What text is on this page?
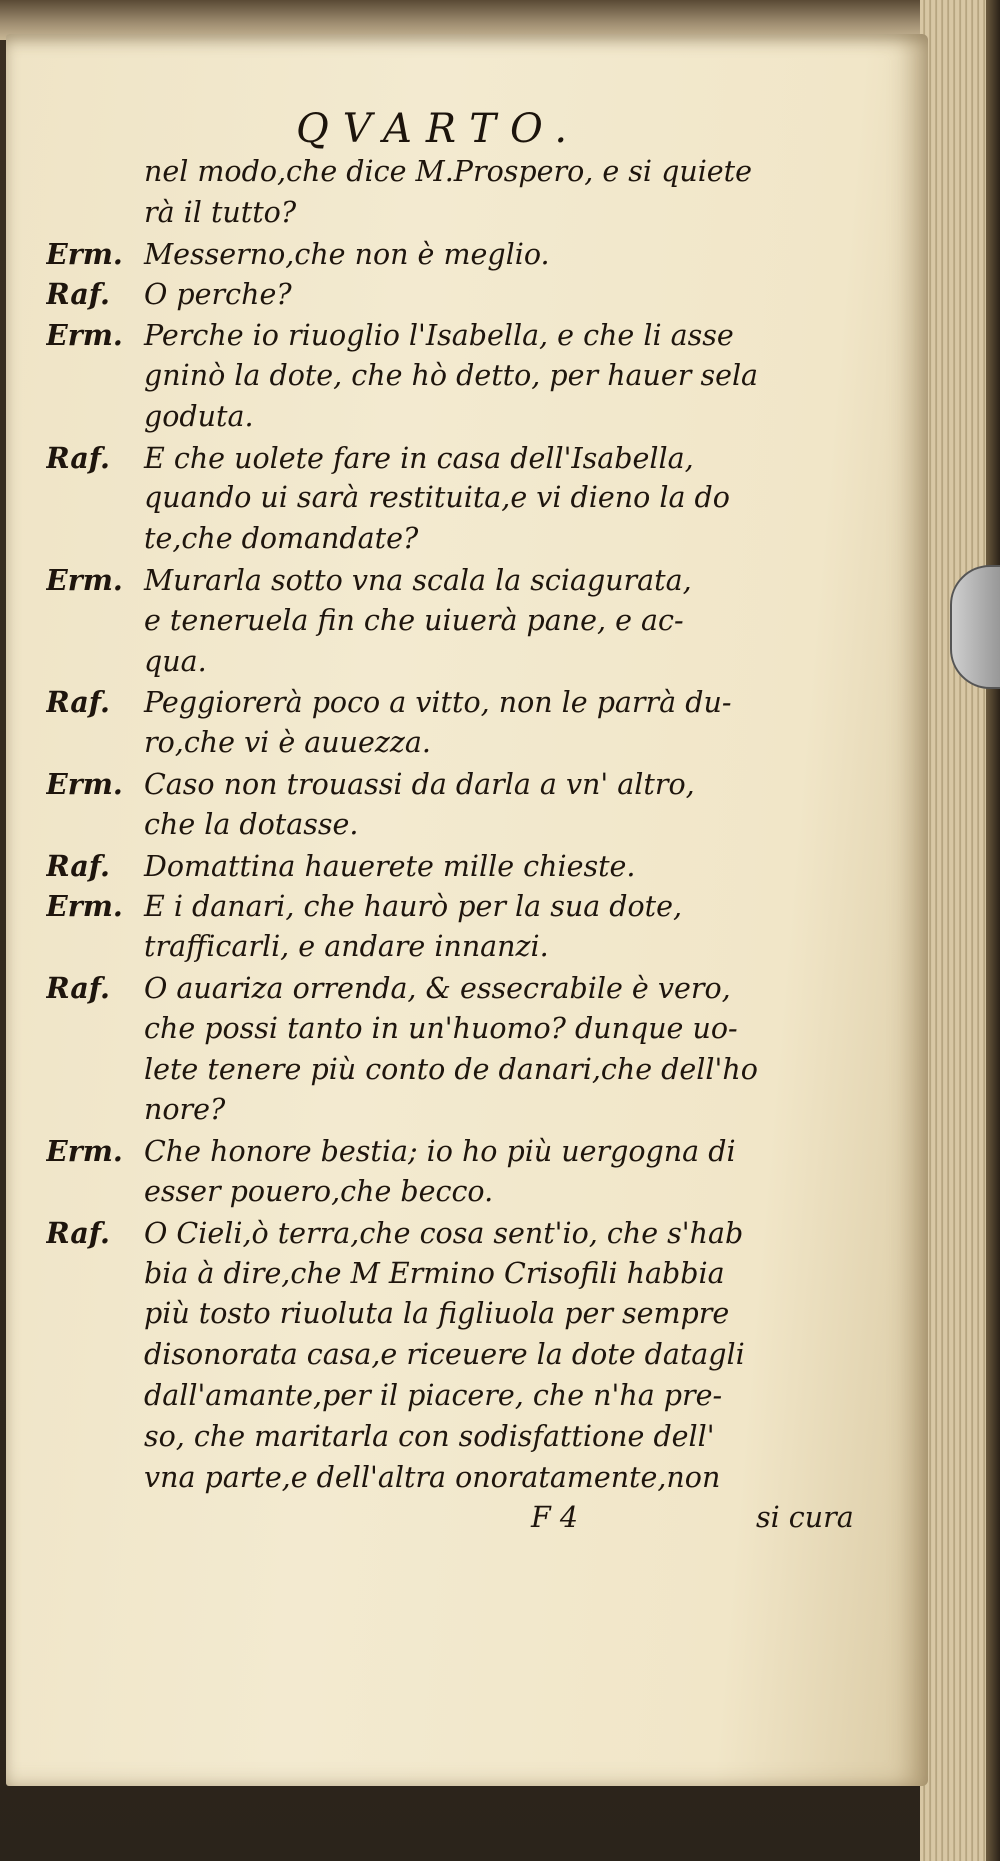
QVARTO.
nel modo,che dice M.Prospero, e si quiete
rà il tutto?
Erm. Messerno,che non è meglio.
Raf. O perche?
Erm. Perche io riuoglio l'Isabella, e che li asse
gninò la dote, che hò detto, per hauer sela
goduta.
Raf. E che uolete fare in casa dell'Isabella,
quando ui sarà restituita,e vi dieno la do
te,che domandate?
Erm. Murarla sotto vna scala la sciagurata,
e teneruela fin che uiuerà pane, e ac-
qua.
Raf. Peggiorerà poco a vitto, non le parrà du-
ro,che vi è auuezza.
Erm. Caso non trouassi da darla a vn' altro,
che la dotasse.
Raf. Domattina hauerete mille chieste.
Erm. E i danari, che haurò per la sua dote,
trafficarli, e andare innanzi.
Raf. O auariza orrenda, & essecrabile è vero,
che possi tanto in un'huomo? dunque uo-
lete tenere più conto de danari,che dell'ho
nore?
Erm. Che honore bestia; io ho più uergogna di
esser pouero,che becco.
Raf. O Cieli,ò terra,che cosa sent'io, che s'hab
bia à dire,che M Ermino Crisofili habbia
più tosto riuoluta la figliuola per sempre
disonorata casa,e riceuere la dote datagli
dall'amante,per il piacere, che n'ha pre-
so, che maritarla con sodisfattione dell'
vna parte,e dell'altra onoratamente,non
F 4	si cura
